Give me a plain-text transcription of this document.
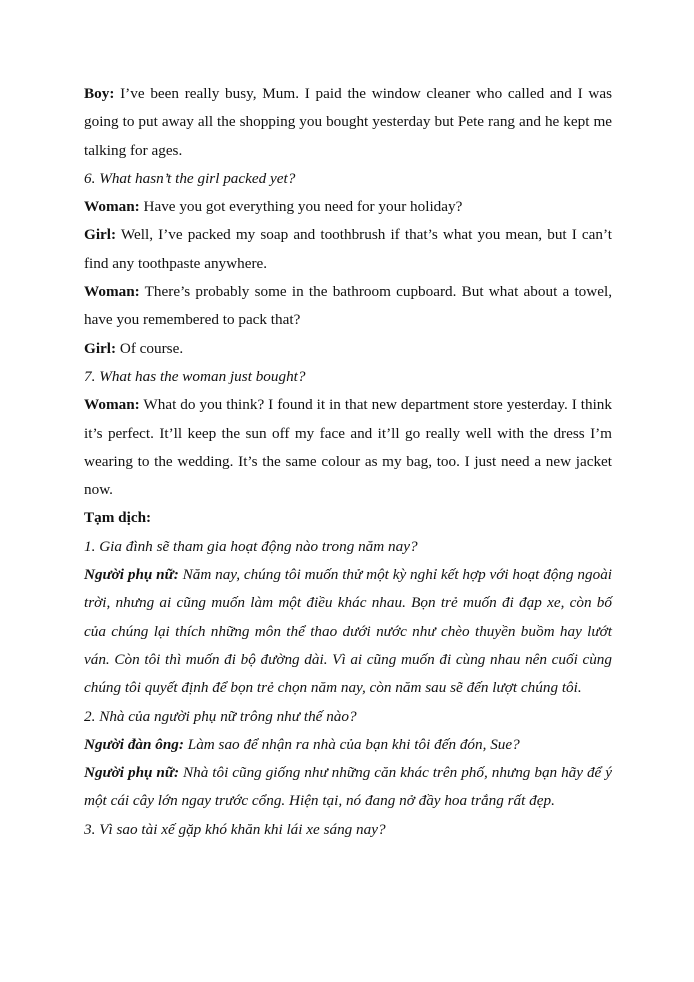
Boy: I’ve been really busy, Mum. I paid the window cleaner who called and I was going to put away all the shopping you bought yesterday but Pete rang and he kept me talking for ages.

6. What hasn’t the girl packed yet?

Woman: Have you got everything you need for your holiday?

Girl: Well, I’ve packed my soap and toothbrush if that’s what you mean, but I can’t find any toothpaste anywhere.

Woman: There’s probably some in the bathroom cupboard. But what about a towel, have you remembered to pack that?

Girl: Of course.

7. What has the woman just bought?

Woman: What do you think? I found it in that new department store yesterday. I think it’s perfect. It’ll keep the sun off my face and it’ll go really well with the dress I’m wearing to the wedding. It’s the same colour as my bag, too. I just need a new jacket now.

Tạm dịch:

1. Gia đình sẽ tham gia hoạt động nào trong năm nay?

Người phụ nữ: Năm nay, chúng tôi muốn thử một kỳ nghỉ kết hợp với hoạt động ngoài trời, nhưng ai cũng muốn làm một điều khác nhau. Bọn trẻ muốn đi đạp xe, còn bố của chúng lại thích những môn thể thao dưới nước như chèo thuyền buồm hay lướt ván. Còn tôi thì muốn đi bộ đường dài. Vì ai cũng muốn đi cùng nhau nên cuối cùng chúng tôi quyết định để bọn trẻ chọn năm nay, còn năm sau sẽ đến lượt chúng tôi.

2. Nhà của người phụ nữ trông như thế nào?

Người đàn ông: Làm sao để nhận ra nhà của bạn khi tôi đến đón, Sue?

Người phụ nữ: Nhà tôi cũng giống như những căn khác trên phố, nhưng bạn hãy để ý một cái cây lớn ngay trước cổng. Hiện tại, nó đang nở đầy hoa trắng rất đẹp.

3. Vì sao tài xế gặp khó khăn khi lái xe sáng nay?
